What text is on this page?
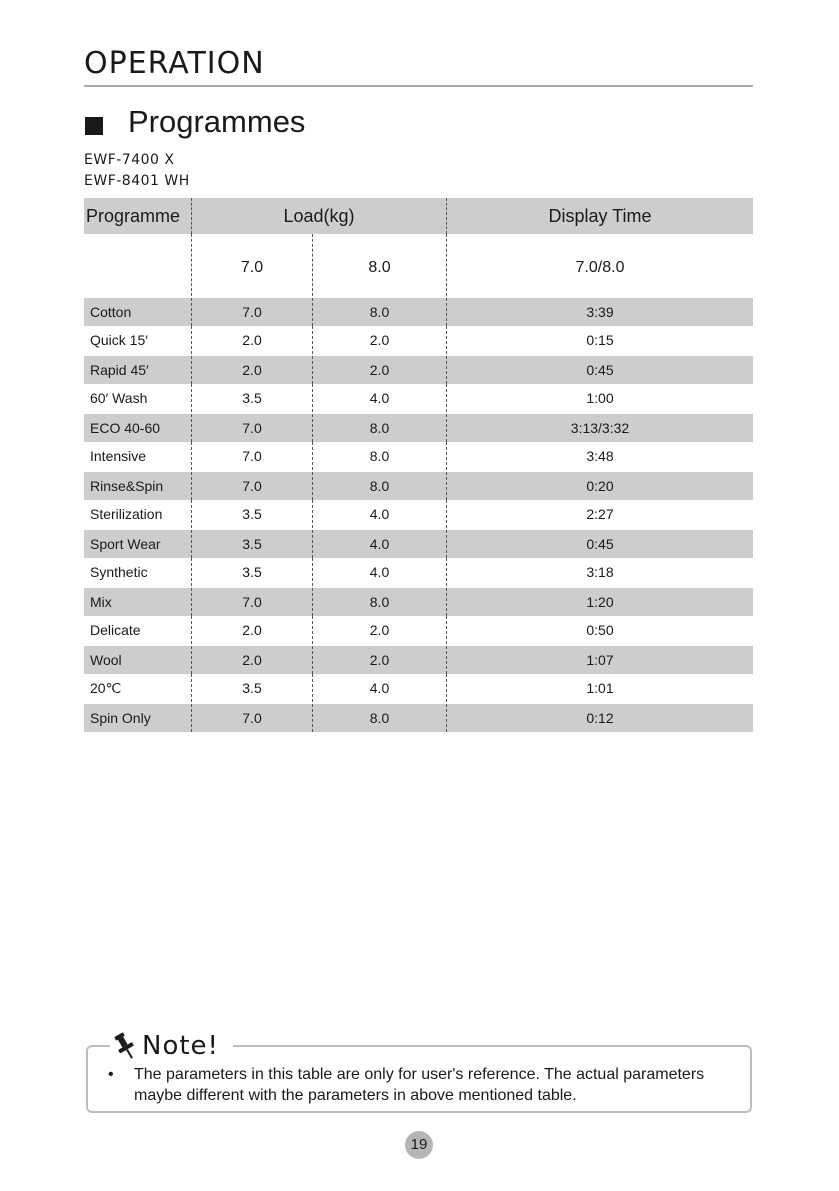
OPERATION
Programmes
EWF-7400 X
EWF-8401 WH
Programme	Load(kg)		Display Time
	7.0	8.0	7.0/8.0
Cotton	7.0	8.0	3:39
Quick 15′	2.0	2.0	0:15
Rapid 45′	2.0	2.0	0:45
60′ Wash	3.5	4.0	1:00
ECO 40-60	7.0	8.0	3:13/3:32
Intensive	7.0	8.0	3:48
Rinse&Spin	7.0	8.0	0:20
Sterilization	3.5	4.0	2:27
Sport Wear	3.5	4.0	0:45
Synthetic	3.5	4.0	3:18
Mix	7.0	8.0	1:20
Delicate	2.0	2.0	0:50
Wool	2.0	2.0	1:07
20℃	3.5	4.0	1:01
Spin Only	7.0	8.0	0:12
Note!
• The parameters in this table are only for user's reference. The actual parameters
maybe different with the parameters in above mentioned table.
19
